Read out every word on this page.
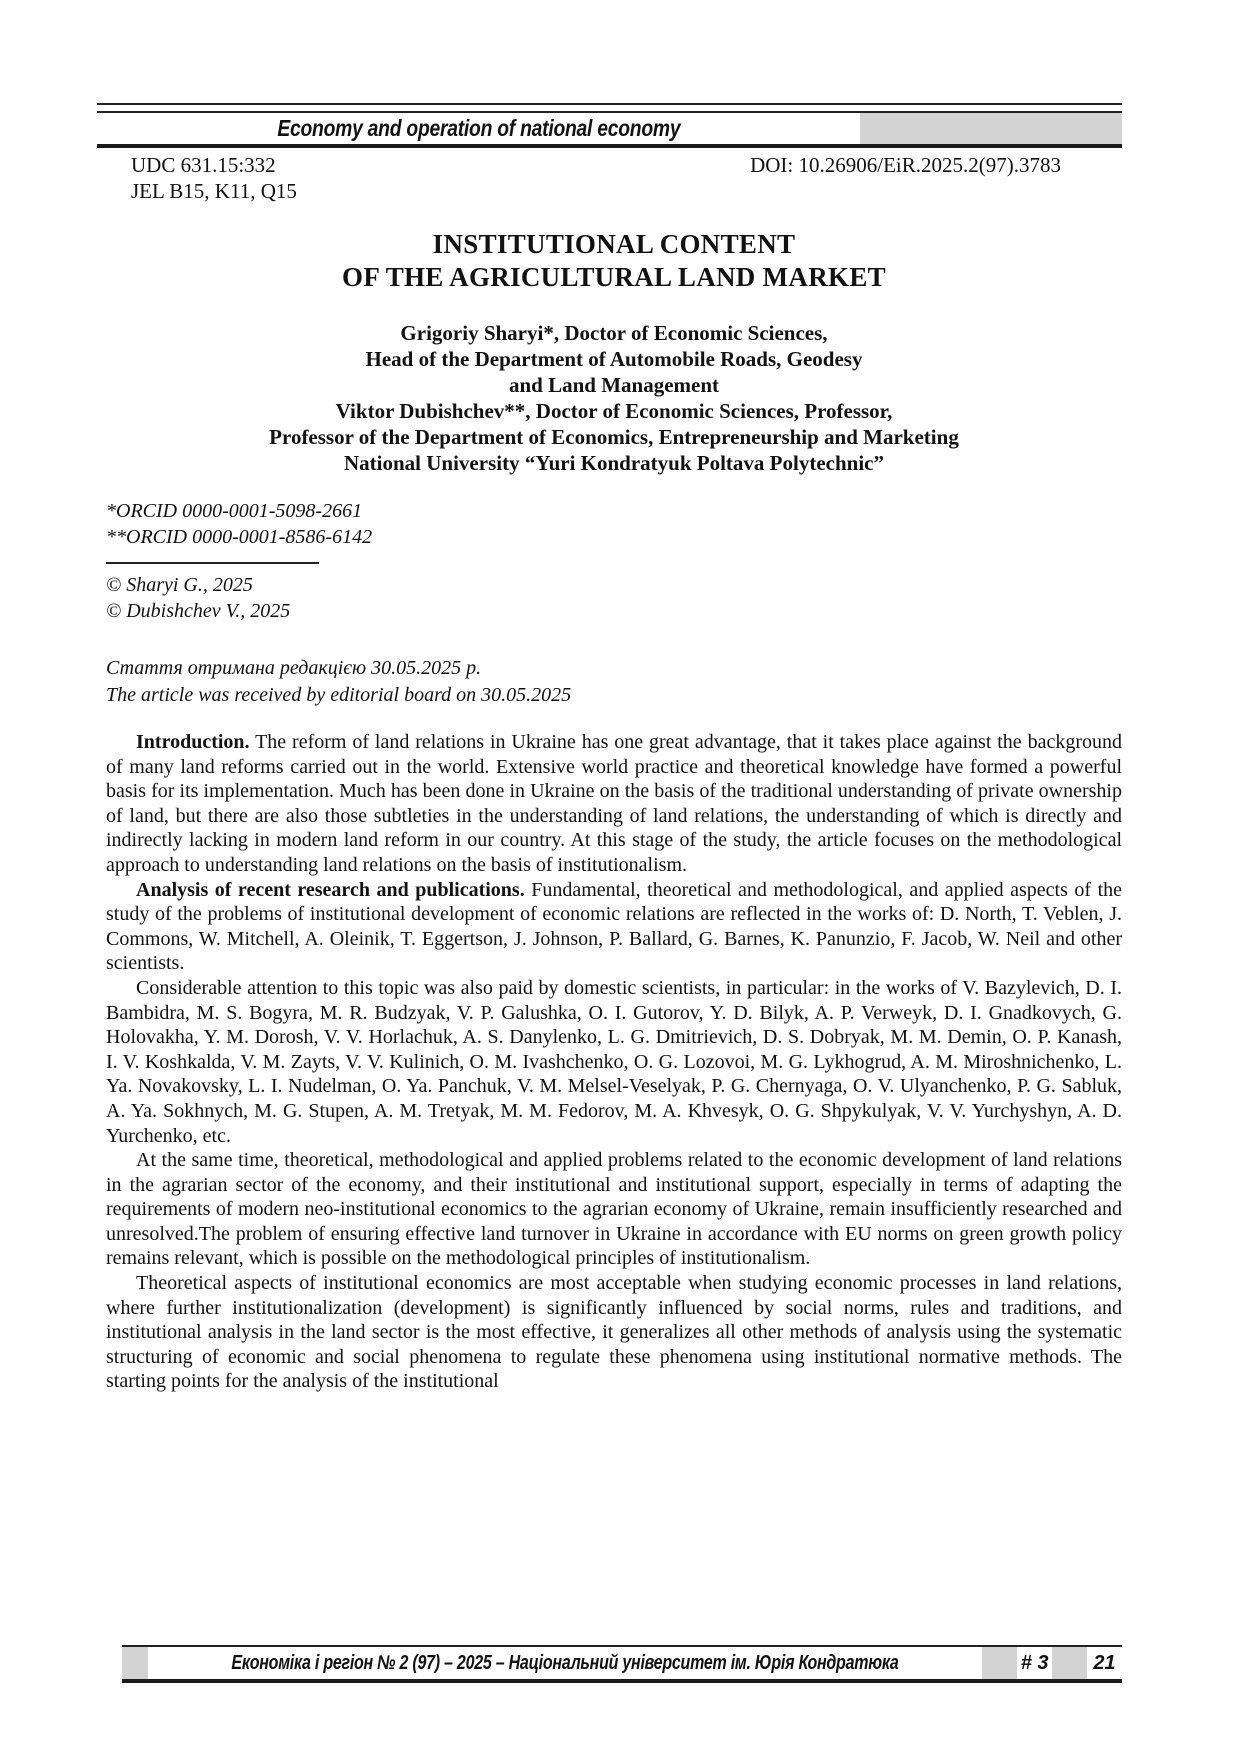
Economy and operation of national economy
UDC 631.15:332	DOI: 10.26906/EiR.2025.2(97).3783
JEL B15, K11, Q15
INSTITUTIONAL CONTENT
OF THE AGRICULTURAL LAND MARKET
Grigoriy Sharyi*, Doctor of Economic Sciences,
Head of the Department of Automobile Roads, Geodesy
and Land Management
Viktor Dubishchev**, Doctor of Economic Sciences, Professor,
Professor of the Department of Economics, Entrepreneurship and Marketing
National University “Yuri Kondratyuk Poltava Polytechnic”
*ORCID 0000-0001-5098-2661
**ORCID 0000-0001-8586-6142
© Sharyi G., 2025
© Dubishchev V., 2025
Стаття отримана редакцією 30.05.2025 р.
The article was received by editorial board on 30.05.2025

Introduction. The reform of land relations in Ukraine has one great advantage, that it takes place against the background of many land reforms carried out in the world. Extensive world practice and theoretical knowledge have formed a powerful basis for its implementation. Much has been done in Ukraine on the basis of the traditional understanding of private ownership of land, but there are also those subtleties in the understanding of land relations, the understanding of which is directly and indirectly lacking in modern land reform in our country. At this stage of the study, the article focuses on the methodological approach to understanding land relations on the basis of institutionalism.

Analysis of recent research and publications. Fundamental, theoretical and methodological, and applied aspects of the study of the problems of institutional development of economic relations are reflected in the works of: D. North, T. Veblen, J. Commons, W. Mitchell, A. Oleinik, T. Eggertson, J. Johnson, P. Ballard, G. Barnes, K. Panunzio, F. Jacob, W. Neil and other scientists.

Considerable attention to this topic was also paid by domestic scientists, in particular: in the works of V. Bazylevich, D. I. Bambidra, M. S. Bogyra, M. R. Budzyak, V. P. Galushka, O. I. Gutorov, Y. D. Bilyk, A. P. Verweyk, D. I. Gnadkovych, G. Holovakha, Y. M. Dorosh, V. V. Horlachuk, A. S. Danylenko, L. G. Dmitrievich, D. S. Dobryak, M. M. Demin, O. P. Kanash, I. V. Koshkalda, V. M. Zayts, V. V. Kulinich, O. M. Ivashchenko, O. G. Lozovoi, M. G. Lykhogrud, A. M. Miroshnichenko, L. Ya. Novakovsky, L. I. Nudelman, O. Ya. Panchuk, V. M. Melsel-Veselyak, P. G. Chernyaga, O. V. Ulyanchenko, P. G. Sabluk, A. Ya. Sokhnych, M. G. Stupen, A. M. Tretyak, M. M. Fedorov, M. A. Khvesyk, O. G. Shpykulyak, V. V. Yurchyshyn, A. D. Yurchenko, etc.

At the same time, theoretical, methodological and applied problems related to the economic development of land relations in the agrarian sector of the economy, and their institutional and institutional support, especially in terms of adapting the requirements of modern neo-institutional economics to the agrarian economy of Ukraine, remain insufficiently researched and unresolved.The problem of ensuring effective land turnover in Ukraine in accordance with EU norms on green growth policy remains relevant, which is possible on the methodological principles of institutionalism.

Theoretical aspects of institutional economics are most acceptable when studying economic processes in land relations, where further institutionalization (development) is significantly influenced by social norms, rules and traditions, and institutional analysis in the land sector is the most effective, it generalizes all other methods of analysis using the systematic structuring of economic and social phenomena to regulate these phenomena using institutional normative methods. The starting points for the analysis of the institutional

Економіка і регіон № 2 (97) – 2025 – Національний університет ім. Юрія Кондратюка	# 3	21
